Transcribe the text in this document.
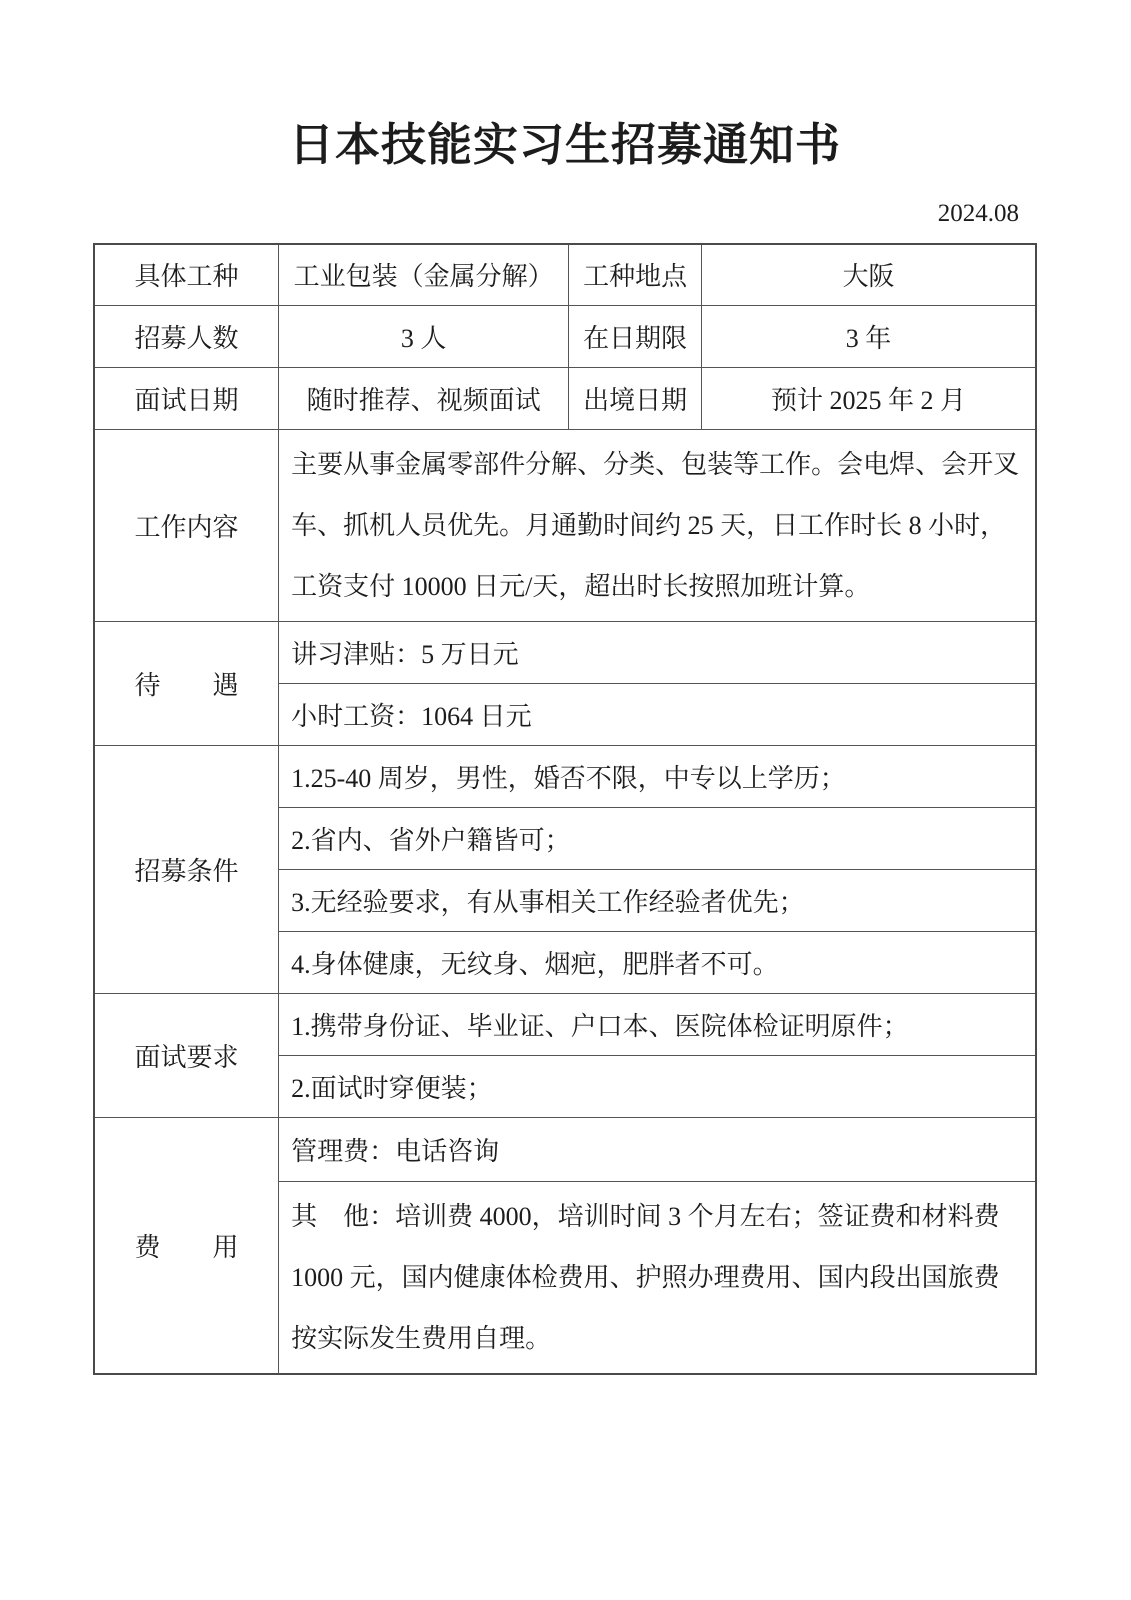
日本技能实习生招募通知书
2024.08
具体工种	工业包装（金属分解）	工种地点	大阪
招募人数	3 人	在日期限	3 年
面试日期	随时推荐、视频面试	出境日期	预计 2025 年 2 月
工作内容	主要从事金属零部件分解、分类、包装等工作。会电焊、会开叉车、抓机人员优先。月通勤时间约 25 天，日工作时长 8 小时，工资支付 10000 日元/天，超出时长按照加班计算。		
待　　遇	讲习津贴：5 万日元		
	小时工资：1064 日元		
招募条件	1.25-40 周岁，男性，婚否不限，中专以上学历；		
	2.省内、省外户籍皆可；		
	3.无经验要求，有从事相关工作经验者优先；		
	4.身体健康，无纹身、烟疤，肥胖者不可。		
面试要求	1.携带身份证、毕业证、户口本、医院体检证明原件；		
	2.面试时穿便装；		
费　　用	管理费：电话咨询		
	其　他：培训费 4000，培训时间 3 个月左右；签证费和材料费 1000 元，国内健康体检费用、护照办理费用、国内段出国旅费按实际发生费用自理。		
